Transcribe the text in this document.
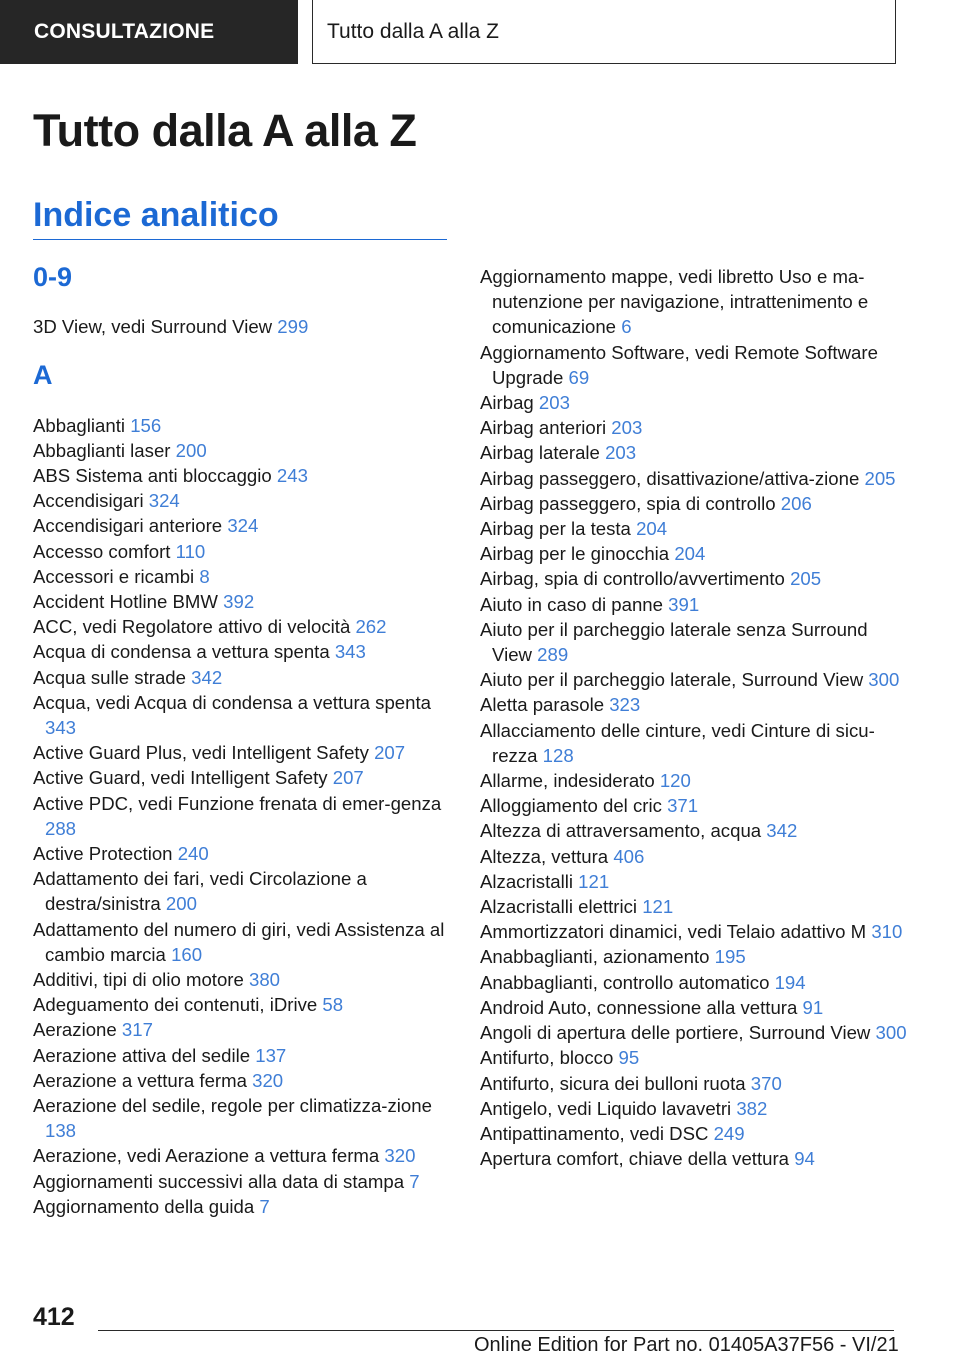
CONSULTAZIONE	Tutto dalla A alla Z
Tutto dalla A alla Z
Indice analitico
0-9
3D View, vedi Surround View 299
A
Abbaglianti 156
Abbaglianti laser 200
ABS Sistema anti bloccaggio 243
Accendisigari 324
Accendisigari anteriore 324
Accesso comfort 110
Accessori e ricambi 8
Accident Hotline BMW 392
ACC, vedi Regolatore attivo di velocità 262
Acqua di condensa a vettura spenta 343
Acqua sulle strade 342
Acqua, vedi Acqua di condensa a vettura spenta 343
Active Guard Plus, vedi Intelligent Safety 207
Active Guard, vedi Intelligent Safety 207
Active PDC, vedi Funzione frenata di emer‐genza 288
Active Protection 240
Adattamento dei fari, vedi Circolazione a destra/sinistra 200
Adattamento del numero di giri, vedi Assistenza al cambio marcia 160
Additivi, tipi di olio motore 380
Adeguamento dei contenuti, iDrive 58
Aerazione 317
Aerazione attiva del sedile 137
Aerazione a vettura ferma 320
Aerazione del sedile, regole per climatizza‐zione 138
Aerazione, vedi Aerazione a vettura ferma 320
Aggiornamenti successivi alla data di stampa 7
Aggiornamento della guida 7
Aggiornamento mappe, vedi libretto Uso e ma‐nutenzione per navigazione, intrattenimento e comunicazione 6
Aggiornamento Software, vedi Remote Software Upgrade 69
Airbag 203
Airbag anteriori 203
Airbag laterale 203
Airbag passeggero, disattivazione/attiva‐zione 205
Airbag passeggero, spia di controllo 206
Airbag per la testa 204
Airbag per le ginocchia 204
Airbag, spia di controllo/avvertimento 205
Aiuto in caso di panne 391
Aiuto per il parcheggio laterale senza Surround View 289
Aiuto per il parcheggio laterale, Surround View 300
Aletta parasole 323
Allacciamento delle cinture, vedi Cinture di sicu‐rezza 128
Allarme, indesiderato 120
Alloggiamento del cric 371
Altezza di attraversamento, acqua 342
Altezza, vettura 406
Alzacristalli 121
Alzacristalli elettrici 121
Ammortizzatori dinamici, vedi Telaio adattivo M 310
Anabbaglianti, azionamento 195
Anabbaglianti, controllo automatico 194
Android Auto, connessione alla vettura 91
Angoli di apertura delle portiere, Surround View 300
Antifurto, blocco 95
Antifurto, sicura dei bulloni ruota 370
Antigelo, vedi Liquido lavavetri 382
Antipattinamento, vedi DSC 249
Apertura comfort, chiave della vettura 94
412
Online Edition for Part no. 01405A37F56 - VI/21
